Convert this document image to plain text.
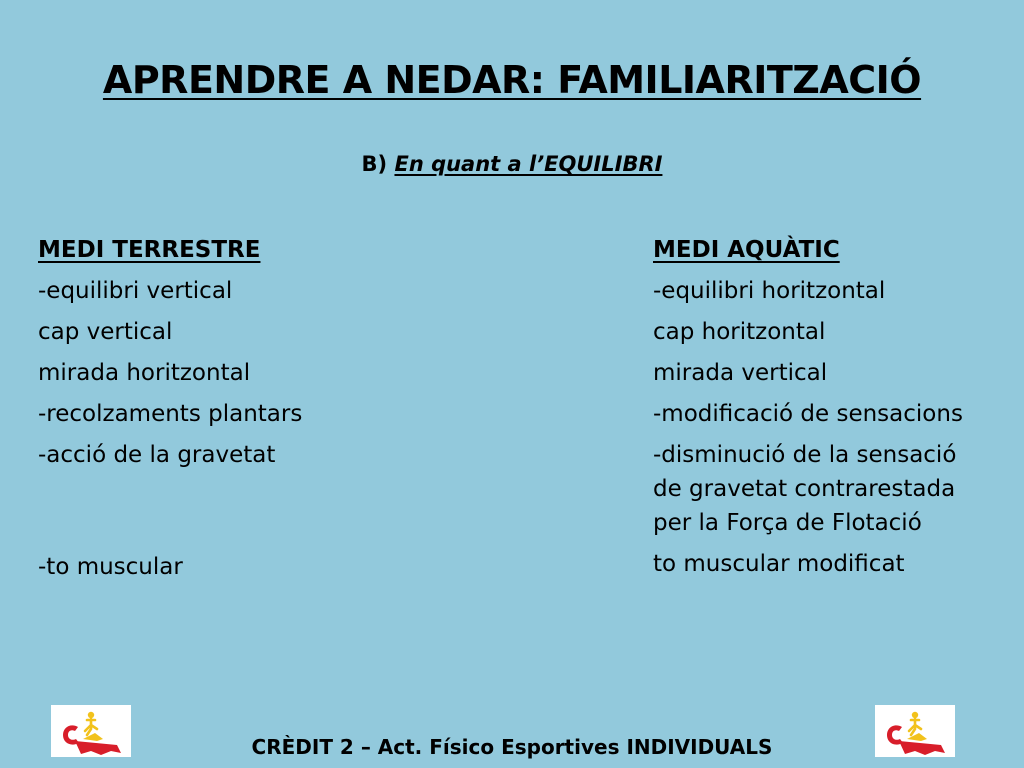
APRENDRE A NEDAR: FAMILIARITZACIÓ
B) En quant a l’EQUILIBRI
MEDI TERRESTRE
-equilibri vertical
cap vertical
mirada horitzontal
-recolzaments plantars
-acció de la gravetat
-to muscular
MEDI AQUÀTIC
-equilibri horitzontal
cap horitzontal
mirada vertical
-modificació de sensacions
-disminució de la sensació
de gravetat contrarestada
per la Força de Flotació
to muscular modificat
CRÈDIT 2 – Act. Físico Esportives INDIVIDUALS
